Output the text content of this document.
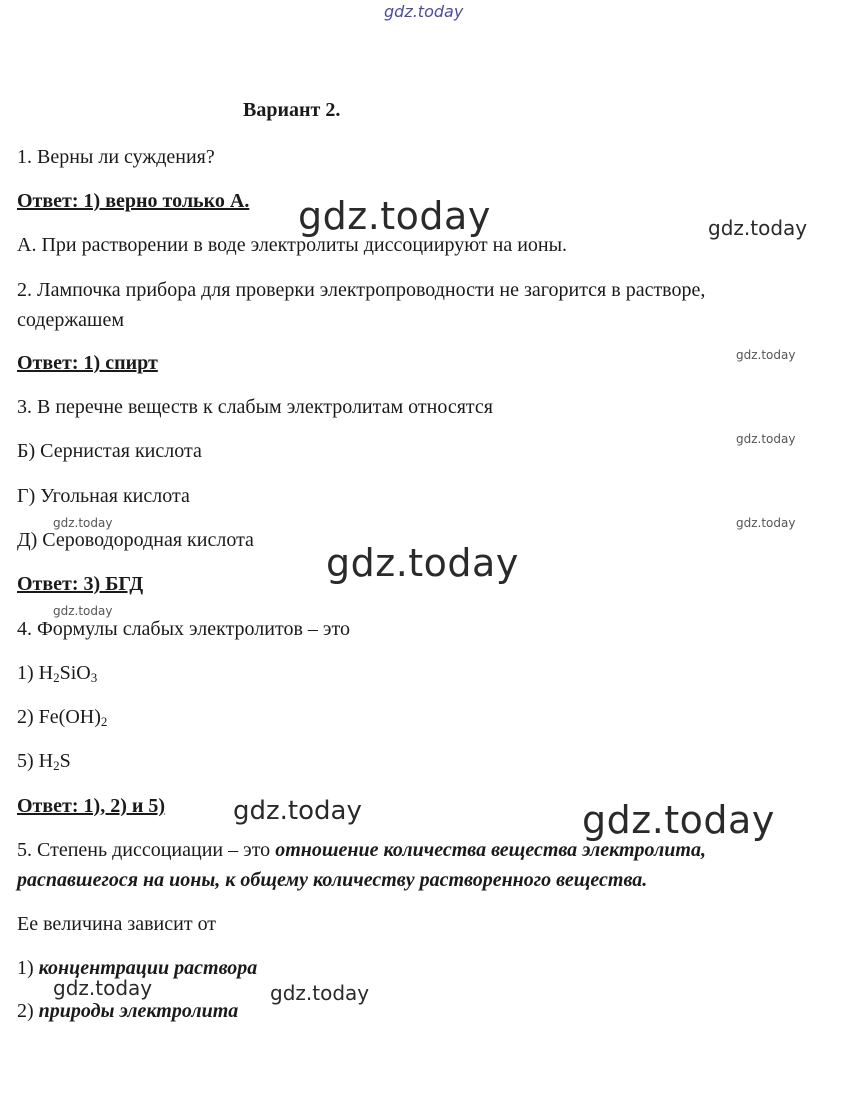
gdz.today
Вариант 2.
1. Верны ли суждения?
Ответ: 1) верно только А.
А. При растворении в воде электролиты диссоциируют на ионы.
2. Лампочка прибора для проверки электропроводности не загорится в растворе,
содержашем
Ответ: 1) спирт
3. В перечне веществ к слабым электролитам относятся
Б) Сернистая кислота
Г) Угольная кислота
Д) Сероводородная кислота
Ответ: 3) БГД
4. Формулы слабых электролитов – это
1) $H_2SiO_3$
2) $Fe(OH)_2$
5) $H_2S$
Ответ: 1), 2) и 5)
5. Степень диссоциации – это отношение количества вещества электролита,
распавшегося на ионы, к общему количеству растворенного вещества.
Ее величина зависит от
1) концентрации раствора
2) природы электролита
gdz.today	gdz.today
gdz.today
gdz.today
gdz.today
gdz.today
gdz.today
gdz.today
gdz.today	gdz.today
gdz.today	gdz.today
